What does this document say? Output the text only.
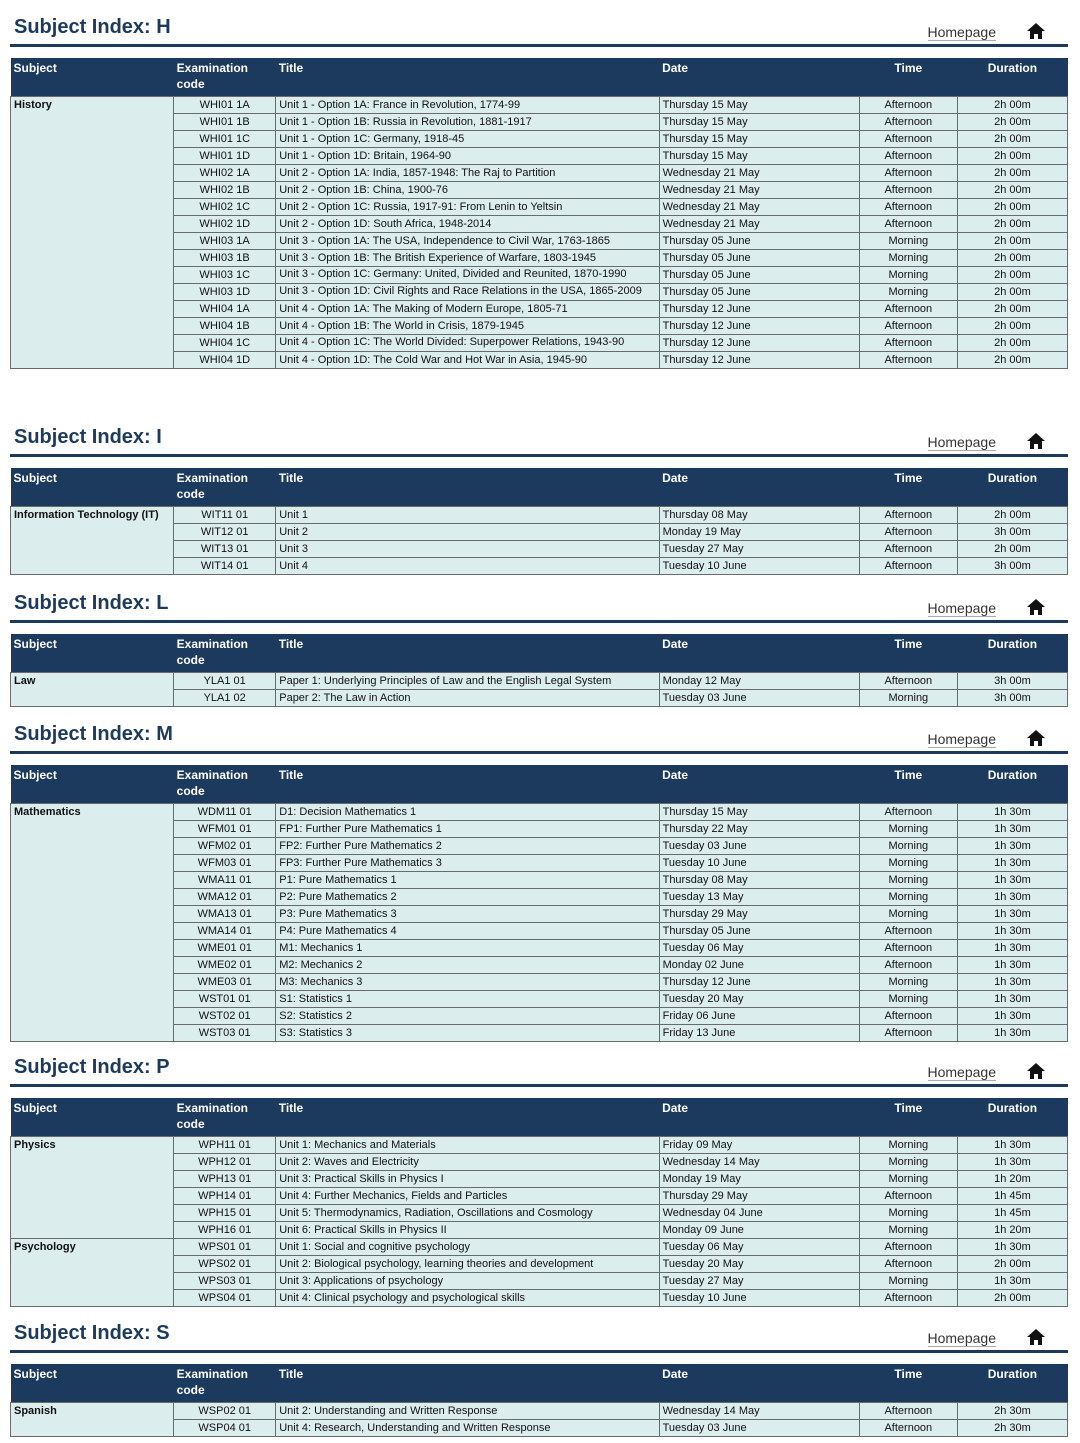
Subject Index: H	Homepage
Subject	Examination code	Title	Date	Time	Duration
History	WHI01 1A	Unit 1 - Option 1A: France in Revolution, 1774-99	Thursday 15 May	Afternoon	2h 00m
	WHI01 1B	Unit 1 - Option 1B: Russia in Revolution, 1881-1917	Thursday 15 May	Afternoon	2h 00m
	WHI01 1C	Unit 1 - Option 1C: Germany, 1918-45	Thursday 15 May	Afternoon	2h 00m
	WHI01 1D	Unit 1 - Option 1D: Britain, 1964-90	Thursday 15 May	Afternoon	2h 00m
	WHI02 1A	Unit 2 - Option 1A: India, 1857-1948: The Raj to Partition	Wednesday 21 May	Afternoon	2h 00m
	WHI02 1B	Unit 2 - Option 1B: China, 1900-76	Wednesday 21 May	Afternoon	2h 00m
	WHI02 1C	Unit 2 - Option 1C: Russia, 1917-91: From Lenin to Yeltsin	Wednesday 21 May	Afternoon	2h 00m
	WHI02 1D	Unit 2 - Option 1D: South Africa, 1948-2014	Wednesday 21 May	Afternoon	2h 00m
	WHI03 1A	Unit 3 - Option 1A: The USA, Independence to Civil War, 1763-1865	Thursday 05 June	Morning	2h 00m
	WHI03 1B	Unit 3 - Option 1B: The British Experience of Warfare, 1803-1945	Thursday 05 June	Morning	2h 00m
	WHI03 1C	Unit 3 - Option 1C: Germany: United, Divided and Reunited, 1870-1990	Thursday 05 June	Morning	2h 00m
	WHI03 1D	Unit 3 - Option 1D: Civil Rights and Race Relations in the USA, 1865-2009	Thursday 05 June	Morning	2h 00m
	WHI04 1A	Unit 4 - Option 1A: The Making of Modern Europe, 1805-71	Thursday 12 June	Afternoon	2h 00m
	WHI04 1B	Unit 4 - Option 1B: The World in Crisis, 1879-1945	Thursday 12 June	Afternoon	2h 00m
	WHI04 1C	Unit 4 - Option 1C: The World Divided: Superpower Relations, 1943-90	Thursday 12 June	Afternoon	2h 00m
	WHI04 1D	Unit 4 - Option 1D: The Cold War and Hot War in Asia, 1945-90	Thursday 12 June	Afternoon	2h 00m
Subject Index: I	Homepage
Subject	Examination code	Title	Date	Time	Duration
Information Technology (IT)	WIT11 01	Unit 1	Thursday 08 May	Afternoon	2h 00m
	WIT12 01	Unit 2	Monday 19 May	Afternoon	3h 00m
	WIT13 01	Unit 3	Tuesday 27 May	Afternoon	2h 00m
	WIT14 01	Unit 4	Tuesday 10 June	Afternoon	3h 00m
Subject Index: L	Homepage
Subject	Examination code	Title	Date	Time	Duration
Law	YLA1 01	Paper 1: Underlying Principles of Law and the English Legal System	Monday 12 May	Afternoon	3h 00m
	YLA1 02	Paper 2: The Law in Action	Tuesday 03 June	Morning	3h 00m
Subject Index: M	Homepage
Subject	Examination code	Title	Date	Time	Duration
Mathematics	WDM11 01	D1: Decision Mathematics 1	Thursday 15 May	Afternoon	1h 30m
	WFM01 01	FP1: Further Pure Mathematics 1	Thursday 22 May	Morning	1h 30m
	WFM02 01	FP2: Further Pure Mathematics 2	Tuesday 03 June	Morning	1h 30m
	WFM03 01	FP3: Further Pure Mathematics 3	Tuesday 10 June	Morning	1h 30m
	WMA11 01	P1: Pure Mathematics 1	Thursday 08 May	Morning	1h 30m
	WMA12 01	P2: Pure Mathematics 2	Tuesday 13 May	Morning	1h 30m
	WMA13 01	P3: Pure Mathematics 3	Thursday 29 May	Morning	1h 30m
	WMA14 01	P4: Pure Mathematics 4	Thursday 05 June	Afternoon	1h 30m
	WME01 01	M1: Mechanics 1	Tuesday 06 May	Afternoon	1h 30m
	WME02 01	M2: Mechanics 2	Monday 02 June	Afternoon	1h 30m
	WME03 01	M3: Mechanics 3	Thursday 12 June	Morning	1h 30m
	WST01 01	S1: Statistics 1	Tuesday 20 May	Morning	1h 30m
	WST02 01	S2: Statistics 2	Friday 06 June	Afternoon	1h 30m
	WST03 01	S3: Statistics 3	Friday 13 June	Afternoon	1h 30m
Subject Index: P	Homepage
Subject	Examination code	Title	Date	Time	Duration
Physics	WPH11 01	Unit 1: Mechanics and Materials	Friday 09 May	Morning	1h 30m
	WPH12 01	Unit 2: Waves and Electricity	Wednesday 14 May	Morning	1h 30m
	WPH13 01	Unit 3: Practical Skills in Physics I	Monday 19 May	Morning	1h 20m
	WPH14 01	Unit 4: Further Mechanics, Fields and Particles	Thursday 29 May	Afternoon	1h 45m
	WPH15 01	Unit 5: Thermodynamics, Radiation, Oscillations and Cosmology	Wednesday 04 June	Morning	1h 45m
	WPH16 01	Unit 6: Practical Skills in Physics II	Monday 09 June	Morning	1h 20m
Psychology	WPS01 01	Unit 1: Social and cognitive psychology	Tuesday 06 May	Afternoon	1h 30m
	WPS02 01	Unit 2: Biological psychology, learning theories and development	Tuesday 20 May	Afternoon	2h 00m
	WPS03 01	Unit 3: Applications of psychology	Tuesday 27 May	Morning	1h 30m
	WPS04 01	Unit 4: Clinical psychology and psychological skills	Tuesday 10 June	Afternoon	2h 00m
Subject Index: S	Homepage
Subject	Examination code	Title	Date	Time	Duration
Spanish	WSP02 01	Unit 2: Understanding and Written Response	Wednesday 14 May	Afternoon	2h 30m
	WSP04 01	Unit 4: Research, Understanding and Written Response	Tuesday 03 June	Afternoon	2h 30m
